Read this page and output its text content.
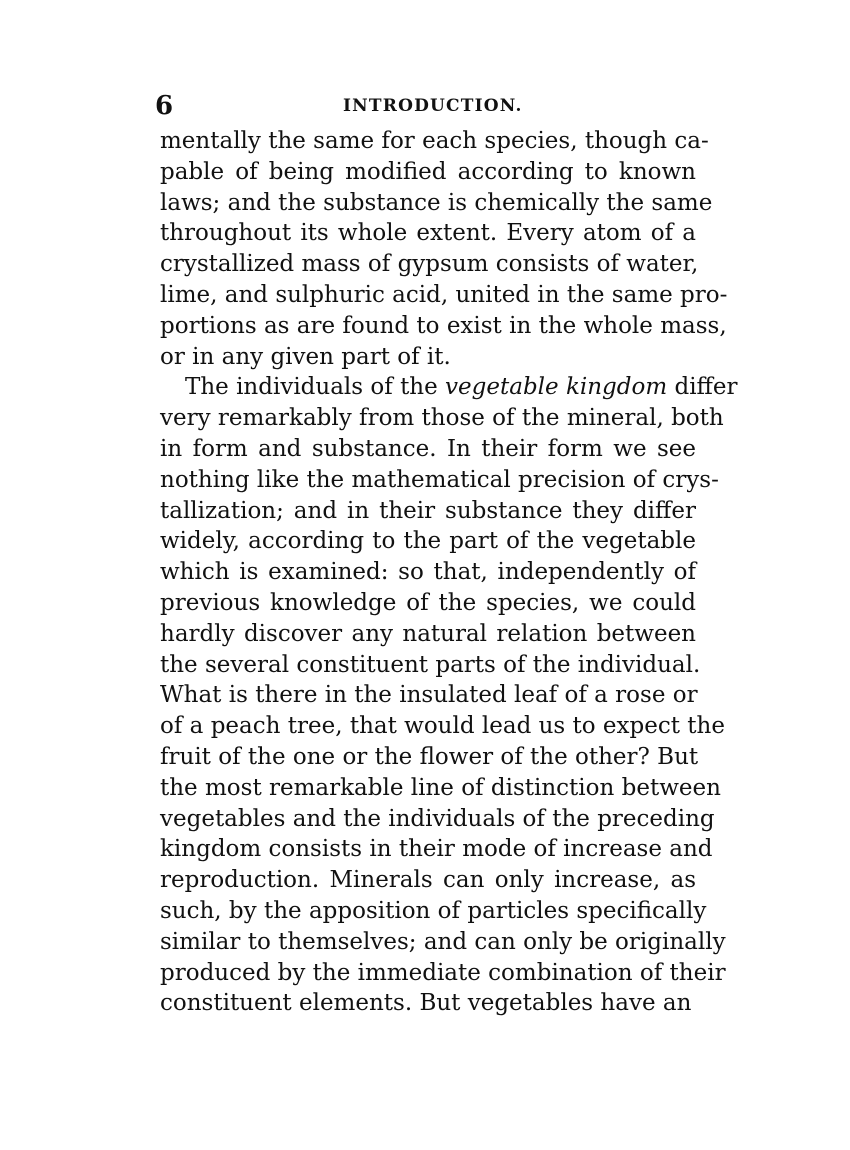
6	INTRODUCTION.
mentally the same for each species, though ca-
pable of being modified according to known
laws; and the substance is chemically the same
throughout its whole extent. Every atom of a
crystallized mass of gypsum consists of water,
lime, and sulphuric acid, united in the same pro-
portions as are found to exist in the whole mass,
or in any given part of it.
The individuals of the vegetable kingdom differ
very remarkably from those of the mineral, both
in form and substance. In their form we see
nothing like the mathematical precision of crys-
tallization; and in their substance they differ
widely, according to the part of the vegetable
which is examined: so that, independently of
previous knowledge of the species, we could
hardly discover any natural relation between
the several constituent parts of the individual.
What is there in the insulated leaf of a rose or
of a peach tree, that would lead us to expect the
fruit of the one or the flower of the other? But
the most remarkable line of distinction between
vegetables and the individuals of the preceding
kingdom consists in their mode of increase and
reproduction. Minerals can only increase, as
such, by the apposition of particles specifically
similar to themselves; and can only be originally
produced by the immediate combination of their
constituent elements. But vegetables have an
